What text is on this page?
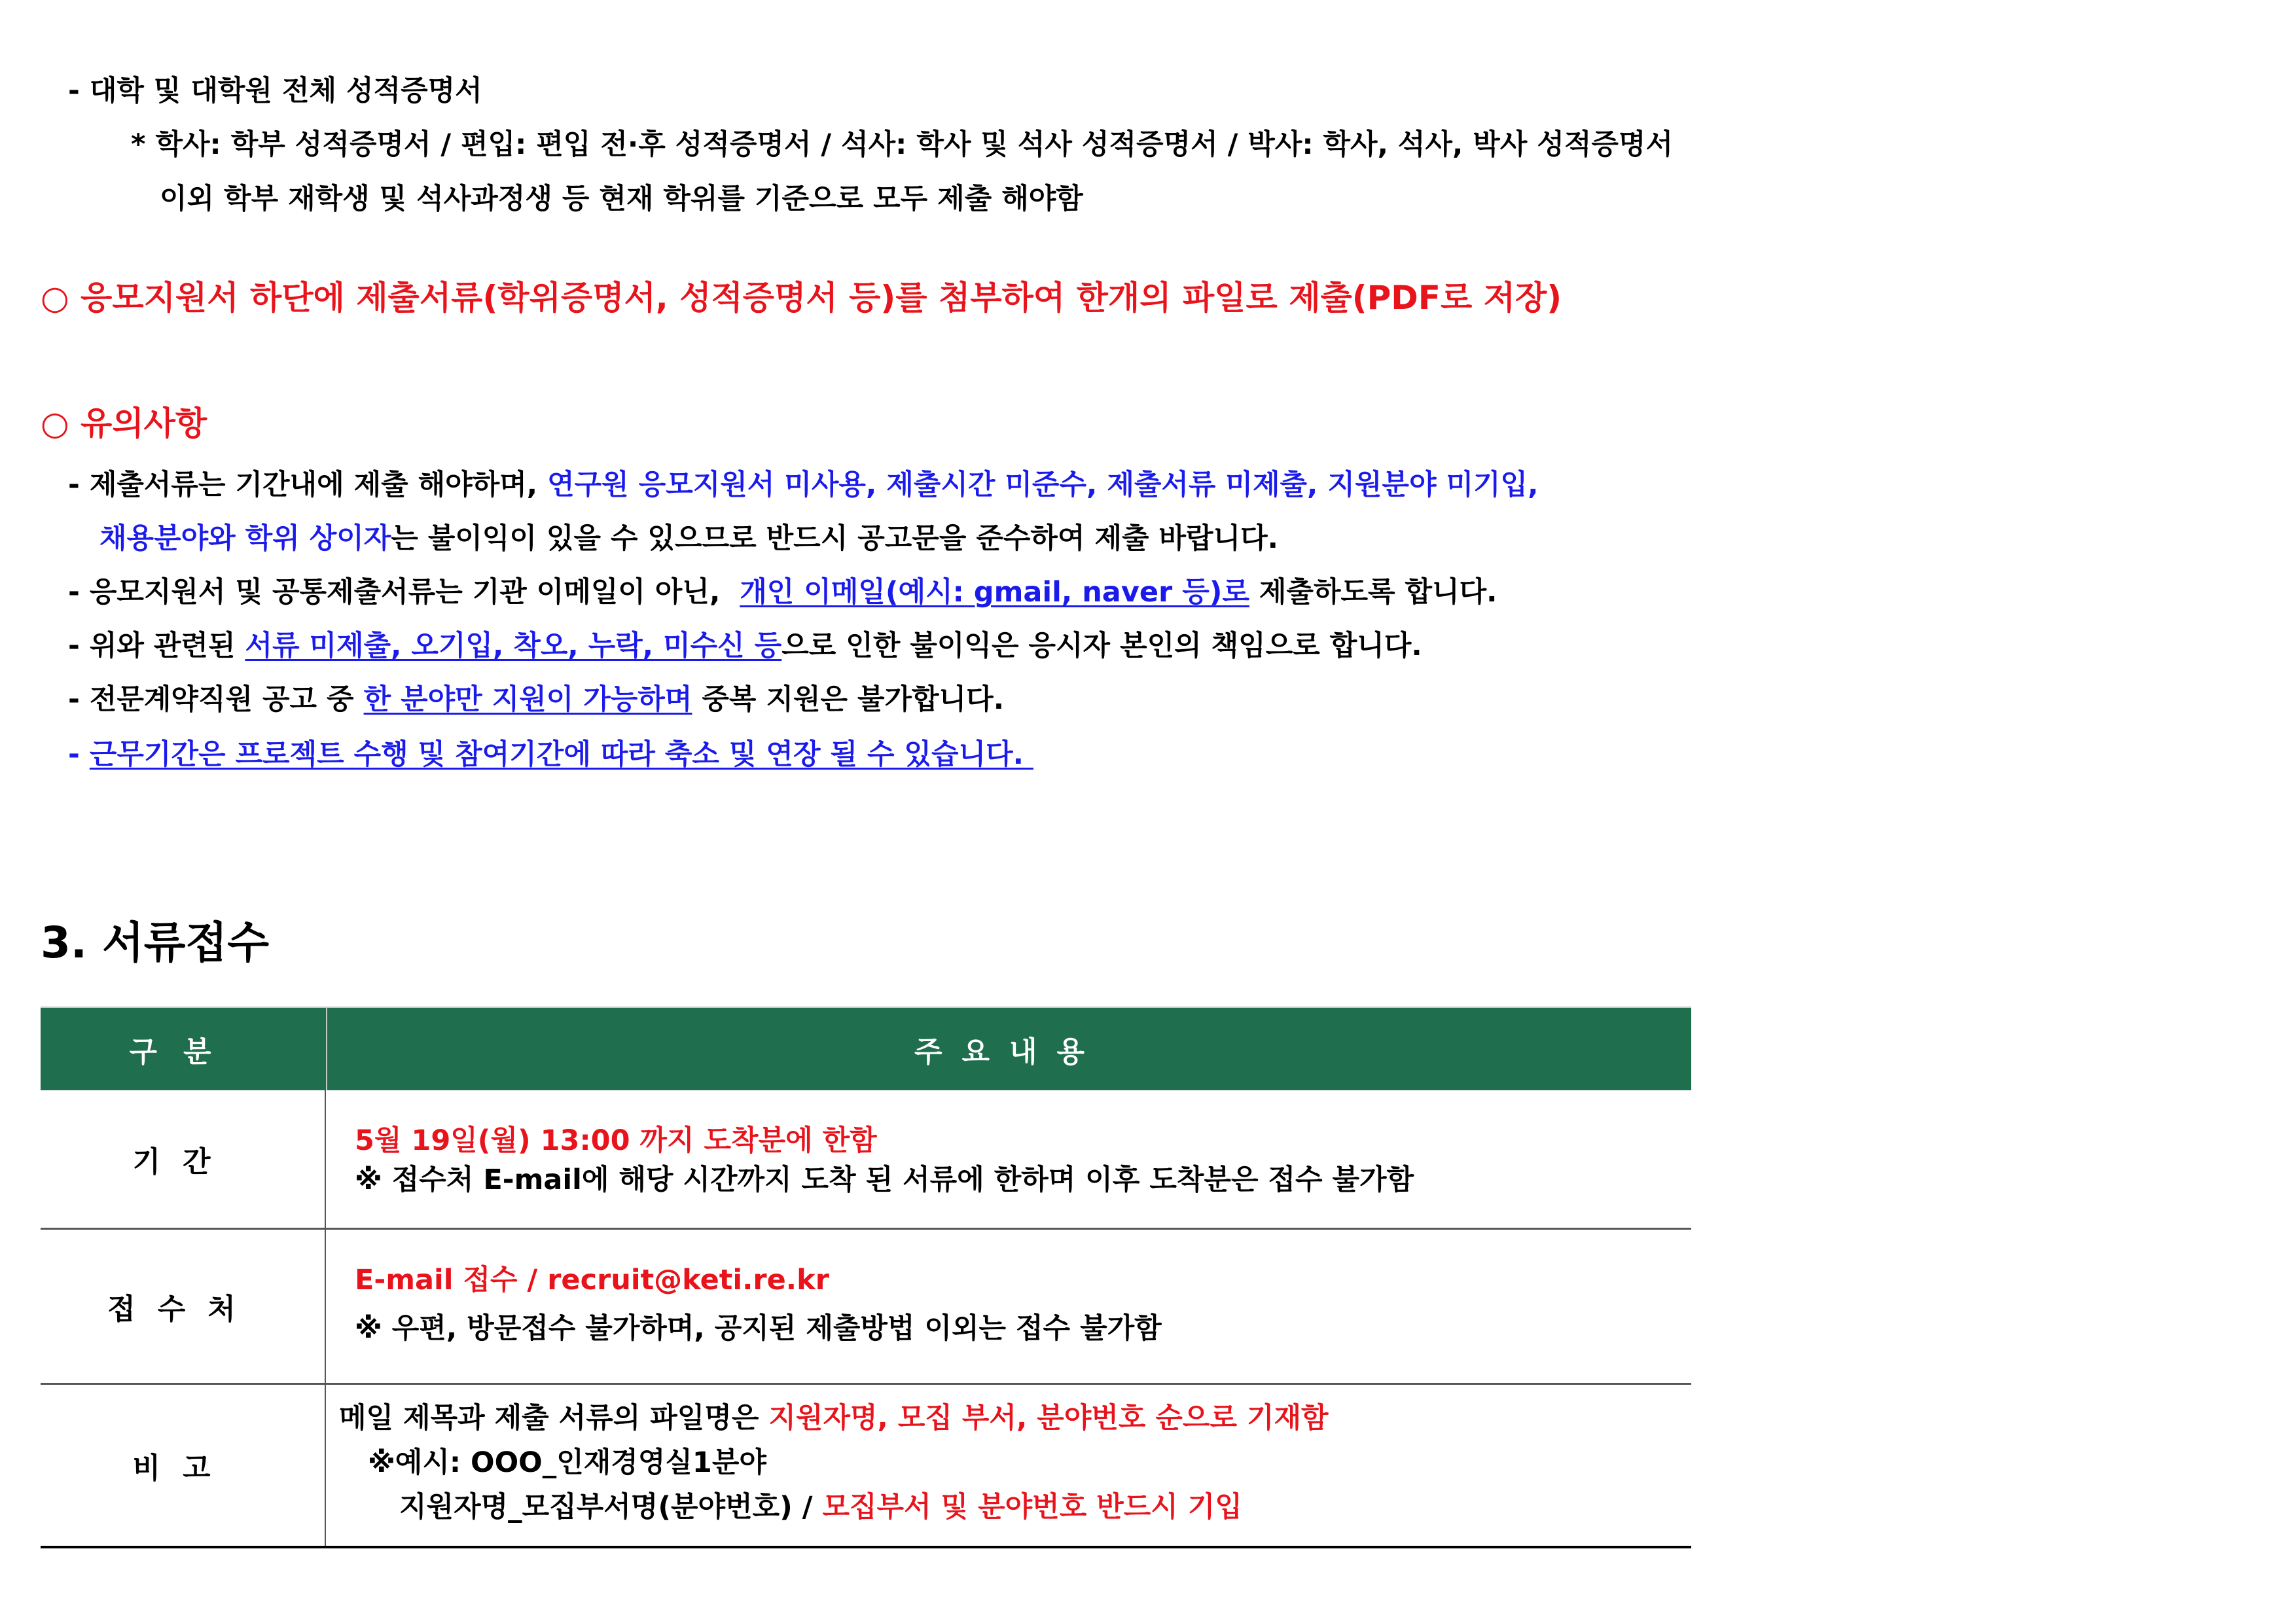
- 대학 및 대학원 전체 성적증명서
* 학사: 학부 성적증명서 / 편입: 편입 전·후 성적증명서 / 석사: 학사 및 석사 성적증명서 / 박사: 학사, 석사, 박사 성적증명서
이외 학부 재학생 및 석사과정생 등 현재 학위를 기준으로 모두 제출 해야함
○ 응모지원서 하단에 제출서류(학위증명서, 성적증명서 등)를 첨부하여 한개의 파일로 제출(PDF로 저장)
○ 유의사항
- 제출서류는 기간내에 제출 해야하며, 연구원 응모지원서 미사용, 제출시간 미준수, 제출서류 미제출, 지원분야 미기입,
채용분야와 학위 상이자는 불이익이 있을 수 있으므로 반드시 공고문을 준수하여 제출 바랍니다.
- 응모지원서 및 공통제출서류는 기관 이메일이 아닌,  개인 이메일(예시: gmail, naver 등)로 제출하도록 합니다.
- 위와 관련된 서류 미제출, 오기입, 착오, 누락, 미수신 등으로 인한 불이익은 응시자 본인의 책임으로 합니다.
- 전문계약직원 공고 중 한 분야만 지원이 가능하며 중복 지원은 불가합니다.
- 근무기간은 프로젝트 수행 및 참여기간에 따라 축소 및 연장 될 수 있습니다.
3. 서류접수
구분	주요내용
기간
5월 19일(월) 13:00 까지 도착분에 한함
※ 접수처 E-mail에 해당 시간까지 도착 된 서류에 한하며 이후 도착분은 접수 불가함
접수처
E-mail 접수 / recruit@keti.re.kr
※ 우편, 방문접수 불가하며, 공지된 제출방법 이외는 접수 불가함
비고
메일 제목과 제출 서류의 파일명은 지원자명, 모집 부서, 분야번호 순으로 기재함
※예시: OOO_인재경영실1분야
지원자명_모집부서명(분야번호) / 모집부서 및 분야번호 반드시 기입
